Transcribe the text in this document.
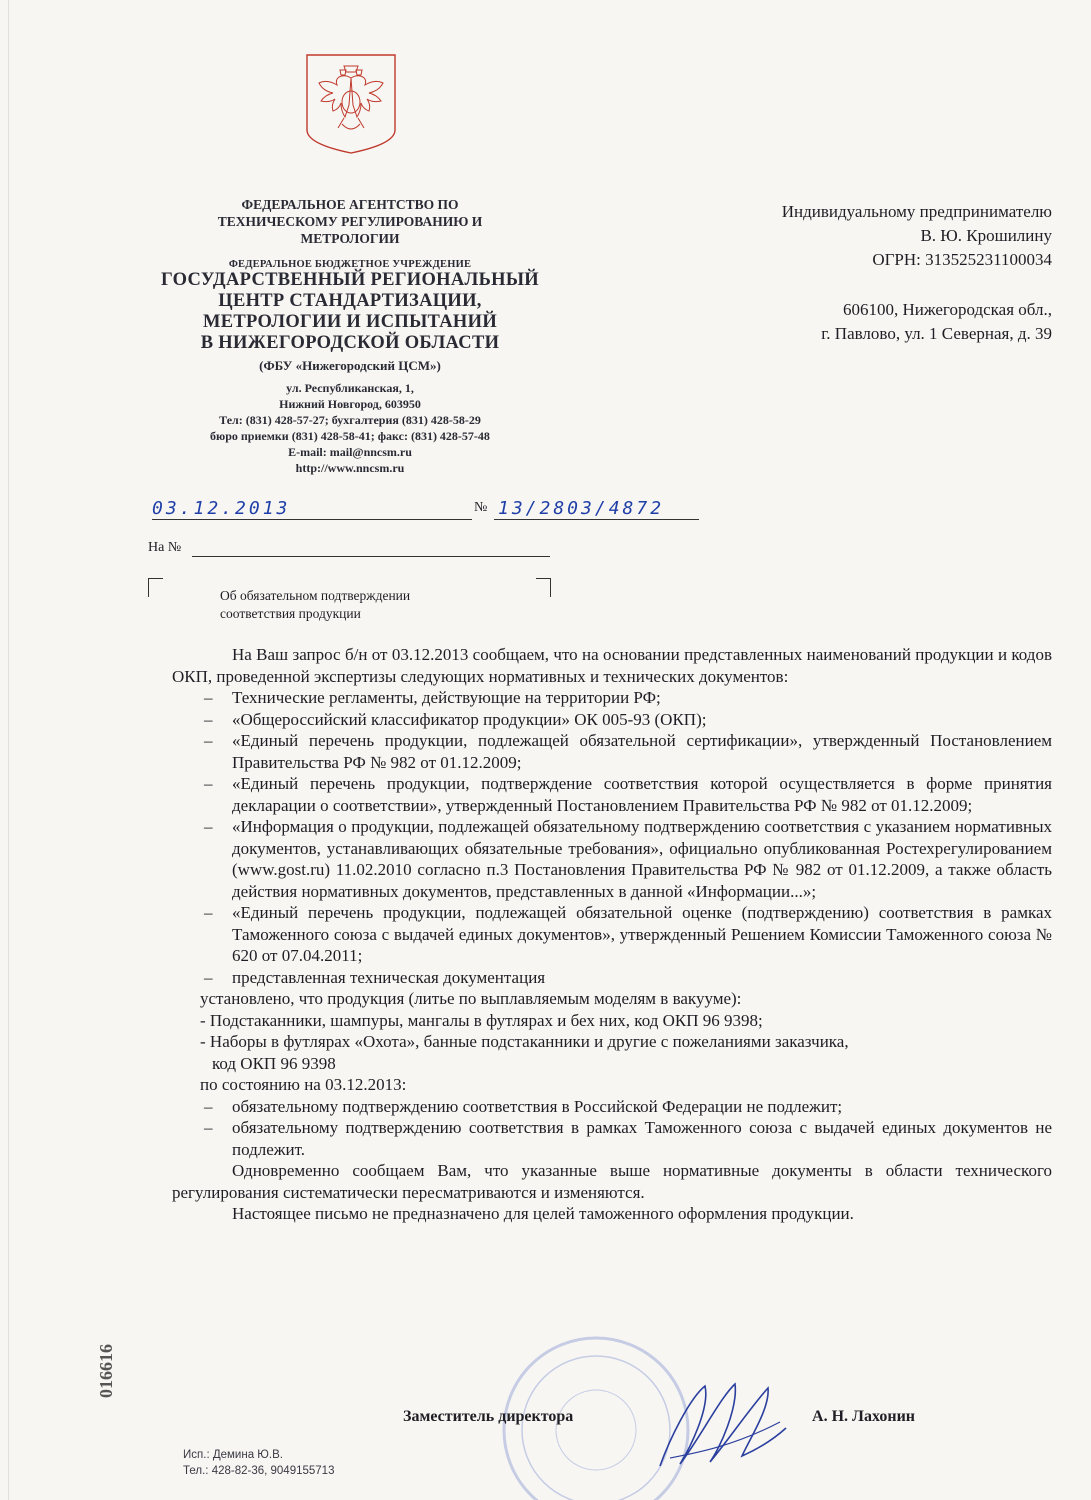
ФЕДЕРАЛЬНОЕ АГЕНТСТВО ПО
ТЕХНИЧЕСКОМУ РЕГУЛИРОВАНИЮ И
МЕТРОЛОГИИ
ФЕДЕРАЛЬНОЕ БЮДЖЕТНОЕ УЧРЕЖДЕНИЕ
ГОСУДАРСТВЕННЫЙ РЕГИОНАЛЬНЫЙ
ЦЕНТР СТАНДАРТИЗАЦИИ,
МЕТРОЛОГИИ И ИСПЫТАНИЙ
В НИЖЕГОРОДСКОЙ ОБЛАСТИ
(ФБУ «Нижегородский ЦСМ»)
ул. Республиканская, 1,
Нижний Новгород, 603950
Тел: (831) 428-57-27; бухгалтерия (831) 428-58-29
бюро приемки (831) 428-58-41; факс: (831) 428-57-48
E-mail: mail@nncsm.ru
http://www.nncsm.ru
03.12.2013	№ 13/2803/4872
На №
Об обязательном подтверждении
соответствия продукции
Индивидуальному предпринимателю
В. Ю. Крошилину
ОГРН: 313525231100034
606100, Нижегородская обл.,
г. Павлово, ул. 1 Северная, д. 39

На Ваш запрос б/н от 03.12.2013 сообщаем, что на основании представленных наименований продукции и кодов ОКП, проведенной экспертизы следующих нормативных и технических документов:

–	Технические регламенты, действующие на территории РФ;
–	«Общероссийский классификатор продукции» ОК 005-93 (ОКП);
–	«Единый перечень продукции, подлежащей обязательной сертификации», утвержденный Постановлением Правительства РФ № 982 от 01.12.2009;
–	«Единый перечень продукции, подтверждение соответствия которой осуществляется в форме принятия декларации о соответствии», утвержденный Постановлением Правительства РФ № 982 от 01.12.2009;
–	«Информация о продукции, подлежащей обязательному подтверждению соответствия с указанием нормативных документов, устанавливающих обязательные требования», официально опубликованная Ростехрегулированием (www.gost.ru) 11.02.2010 согласно п.3 Постановления Правительства РФ № 982 от 01.12.2009, а также область действия нормативных документов, представленных в данной «Информации...»;
–	«Единый перечень продукции, подлежащей обязательной оценке (подтверждению) соответствия в рамках Таможенного союза с выдачей единых документов», утвержденный Решением Комиссии Таможенного союза № 620 от 07.04.2011;
–	представленная техническая документация

установлено, что продукция (литье по выплавляемым моделям в вакууме):

- Подстаканники, шампуры, мангалы в футлярах и бех них, код ОКП 96 9398;

- Наборы в футлярах «Охота», банные подстаканники и другие с пожеланиями заказчика,

код ОКП 96 9398

по состоянию на 03.12.2013:

–	обязательному подтверждению соответствия в Российской Федерации не подлежит;
–	обязательному подтверждению соответствия в рамках Таможенного союза с выдачей единых документов не подлежит.

Одновременно сообщаем Вам, что указанные выше нормативные документы в области технического регулирования систематически пересматриваются и изменяются.

Настоящее письмо не предназначено для целей таможенного оформления продукции.

Заместитель директора	А. Н. Лахонин
Исп.: Демина Ю.В.
Тел.: 428-82-36, 9049155713
016616
